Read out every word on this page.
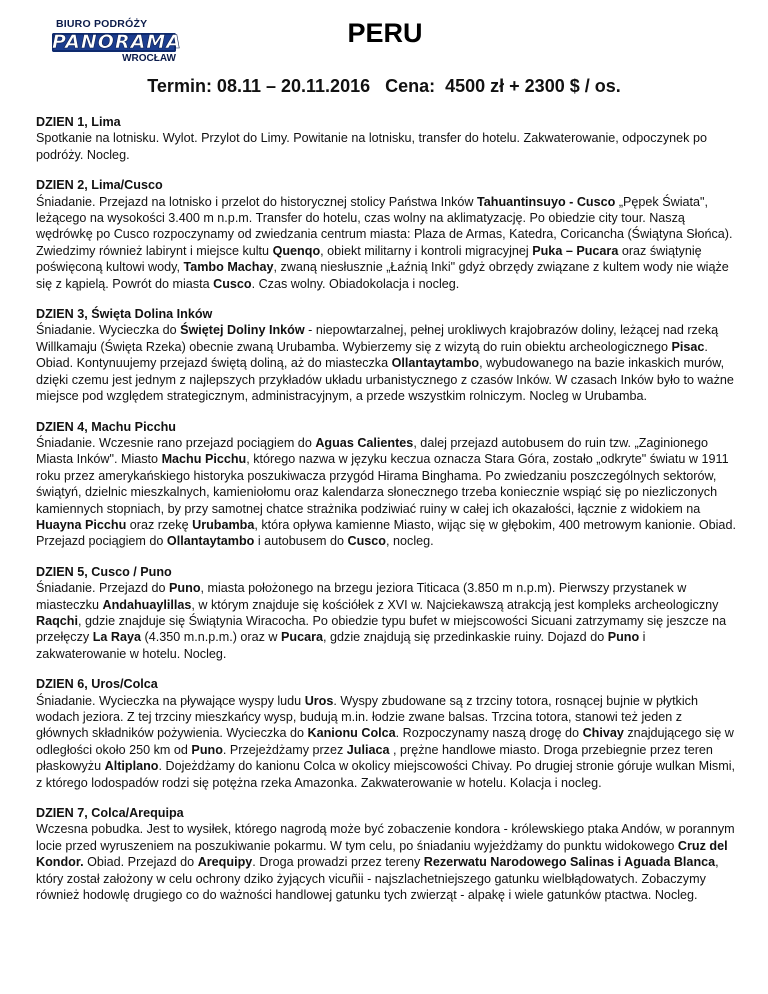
BIURO PODRÓŻY
PANORAMA
WROCŁAW
PERU
Termin: 08.11 – 20.11.2016   Cena:  4500 zł + 2300 $ / os.
DZIEN 1, Lima

Spotkanie na lotnisku. Wylot. Przylot do Limy. Powitanie na lotnisku, transfer do hotelu. Zakwaterowanie, odpoczynek po podróży. Nocleg.

DZIEN 2, Lima/Cusco

Śniadanie. Przejazd na lotnisko i przelot do historycznej stolicy Państwa Inków Tahuantinsuyo - Cusco „Pępek Świata", leżącego na wysokości 3.400 m n.p.m. Transfer do hotelu, czas wolny na aklimatyzację. Po obiedzie city tour. Naszą wędrówkę po Cusco rozpoczynamy od zwiedzania centrum miasta: Plaza de Armas, Katedra, Coricancha (Świątyna Słońca). Zwiedzimy również labirynt i miejsce kultu Quenqo, obiekt militarny i kontroli migracyjnej Puka – Pucara oraz świątynię poświęconą kultowi wody, Tambo Machay, zwaną niesłusznie „Łaźnią Inki" gdyż obrzędy związane z kultem wody nie wiąże się z kąpielą. Powrót do miasta Cusco. Czas wolny. Obiadokolacja i nocleg.

DZIEN 3, Święta Dolina Inków

Śniadanie. Wycieczka do Świętej Doliny Inków - niepowtarzalnej, pełnej urokliwych krajobrazów doliny, leżącej nad rzeką Willkamaju (Święta Rzeka) obecnie zwaną Urubamba. Wybierzemy się z wizytą do ruin obiektu archeologicznego Pisac. Obiad. Kontynuujemy przejazd świętą doliną, aż do miasteczka Ollantaytambo, wybudowanego na bazie inkaskich murów, dzięki czemu jest jednym z najlepszych przykładów układu urbanistycznego z czasów Inków. W czasach Inków było to ważne miejsce pod względem strategicznym, administracyjnym, a przede wszystkim rolniczym. Nocleg w Urubamba.

DZIEN 4, Machu Picchu

Śniadanie. Wczesnie rano przejazd pociągiem do Aguas Calientes, dalej przejazd autobusem do ruin tzw. „Zaginionego Miasta Inków". Miasto Machu Picchu, którego nazwa w języku keczua oznacza Stara Góra, zostało „odkryte" światu w 1911 roku przez amerykańskiego historyka poszukiwacza przygód Hirama Binghama. Po zwiedzaniu poszczególnych sektorów, świątyń, dzielnic mieszkalnych, kamieniołomu oraz kalendarza słonecznego trzeba koniecznie wspiąć się po niezliczonych kamiennych stopniach, by przy samotnej chatce strażnika podziwiać ruiny w całej ich okazałości, łącznie z widokiem na Huayna Picchu oraz rzekę Urubamba, która opływa kamienne Miasto, wijąc się w głębokim, 400 metrowym kanionie. Obiad. Przejazd pociągiem do Ollantaytambo i autobusem do Cusco, nocleg.

DZIEN 5, Cusco / Puno

Śniadanie. Przejazd do Puno, miasta położonego na brzegu jeziora Titicaca (3.850 m n.p.m). Pierwszy przystanek w miasteczku Andahuaylillas, w którym znajduje się kościółek z XVI w. Najciekawszą atrakcją jest kompleks archeologiczny Raqchi, gdzie znajduje się Świątynia Wiracocha. Po obiedzie typu bufet w miejscowości Sicuani zatrzymamy się jeszcze na przełęczy La Raya (4.350 m.n.p.m.) oraz w Pucara, gdzie znajdują się przedinkaskie ruiny. Dojazd do Puno i zakwaterowanie w hotelu. Nocleg.

DZIEN 6, Uros/Colca

Śniadanie. Wycieczka na pływające wyspy ludu Uros. Wyspy zbudowane są z trzciny totora, rosnącej bujnie w płytkich wodach jeziora. Z tej trzciny mieszkańcy wysp, budują m.in. łodzie zwane balsas. Trzcina totora, stanowi też jeden z głównych składników pożywienia. Wycieczka do Kanionu Colca. Rozpoczynamy naszą drogę do Chivay znajdującego się w odległości około 250 km od Puno. Przejeżdżamy przez Juliaca , prężne handlowe miasto. Droga przebiegnie przez teren płaskowyżu Altiplano. Dojeżdżamy do kanionu Colca w okolicy miejscowości Chivay. Po drugiej stronie góruje wulkan Mismi, z którego lodospadów rodzi się potężna rzeka Amazonka. Zakwaterowanie w hotelu. Kolacja i nocleg.

DZIEN 7, Colca/Arequipa

Wczesna pobudka. Jest to wysiłek, którego nagrodą może być zobaczenie kondora - królewskiego ptaka Andów, w porannym locie przed wyruszeniem na poszukiwanie pokarmu. W tym celu, po śniadaniu wyjeżdżamy do punktu widokowego Cruz del Kondor. Obiad. Przejazd do Arequipy. Droga prowadzi przez tereny Rezerwatu Narodowego Salinas i Aguada Blanca, który został założony w celu ochrony dziko żyjących vicuñii - najszlachetniejszego gatunku wielbłądowatych. Zobaczymy również hodowlę drugiego co do ważności handlowej gatunku tych zwierząt - alpakę i wiele gatunków ptactwa. Nocleg.
